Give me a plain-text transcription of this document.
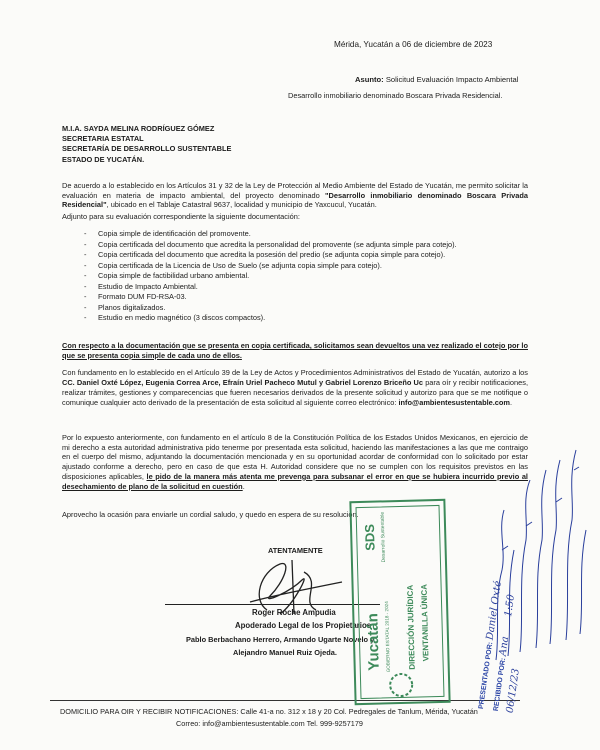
Mérida, Yucatán a 06 de diciembre de 2023
Asunto: Solicitud Evaluación Impacto Ambiental
Desarrollo inmobiliario denominado Boscara Privada Residencial.
M.I.A. SAYDA MELINA RODRÍGUEZ GÓMEZ
SECRETARIA ESTATAL
SECRETARÍA DE DESARROLLO SUSTENTABLE
ESTADO DE YUCATÁN.
De acuerdo a lo establecido en los Artículos 31 y 32 de la Ley de Protección al Medio Ambiente del Estado de Yucatán, me permito solicitar la evaluación en materia de impacto ambiental, del proyecto denominado "Desarrollo inmobiliario denominado Boscara Privada Residencial", ubicado en el Tablaje Catastral 9637, localidad y municipio de Yaxcucul, Yucatán.
Adjunto para su evaluación correspondiente la siguiente documentación:
- Copia simple de identificación del promovente.
- Copia certificada del documento que acredita la personalidad del promovente (se adjunta simple para cotejo).
- Copia certificada del documento que acredita la posesión del predio (se adjunta copia simple para cotejo).
- Copia certificada de la Licencia de Uso de Suelo (se adjunta copia simple para cotejo).
- Copia simple de factibilidad urbano ambiental.
- Estudio de Impacto Ambiental.
- Formato DUM FD-RSA-03.
- Planos digitalizados.
- Estudio en medio magnético (3 discos compactos).
Con respecto a la documentación que se presenta en copia certificada, solicitamos sean devueltos una vez realizado el cotejo por lo que se presenta copia simple de cada uno de ellos.
Con fundamento en lo establecido en el Artículo 39 de la Ley de Actos y Procedimientos Administrativos del Estado de Yucatán, autorizo a los CC. Daniel Oxté López, Eugenia Correa Arce, Efraín Uriel Pacheco Mutul y Gabriel Lorenzo Briceño Uc para oír y recibir notificaciones, realizar trámites, gestiones y comparecencias que fueren necesarios derivados de la presente solicitud y autorizo para que se me notifique o comunique cualquier acto derivado de la presentación de esta solicitud al siguiente correo electrónico: info@ambientesustentable.com.
Por lo expuesto anteriormente, con fundamento en el artículo 8 de la Constitución Política de los Estados Unidos Mexicanos, en ejercicio de mi derecho a esta autoridad administrativa pido tenerme por presentada esta solicitud, haciendo las manifestaciones a las que me contraigo en el cuerpo del mismo, adjuntando la documentación mencionada y en su oportunidad acordar de conformidad con lo solicitado por estar ajustado conforme a derecho, pero en caso de que esta H. Autoridad considere que no se cumplen con los requisitos previstos en las disposiciones aplicables, le pido de la manera más atenta me prevenga para subsanar el error en que se hubiera incurrido previo al desechamiento de plano de la solicitud en cuestión.
Aprovecho la ocasión para enviarle un cordial saludo, y quedo en espera de su resolución.
ATENTAMENTE
Roger Roche Ampudia
Apoderado Legal de los Propietarios
Pablo Berbachano Herrero, Armando Ugarte Novelo y
Alejandro Manuel Ruiz Ojeda.
DOMICILIO PARA OIR Y RECIBIR NOTIFICACIONES: Calle 41-a no. 312 x 18 y 20 Col. Pedregales de Tanlum, Mérida, Yucatán
Correo: info@ambientesustentable.com Tel. 999-9257179
SDS Desarrollo Sustentable
Yucatán GOBIERNO ESTATAL 2018 - 2024 DIRECCIÓN JURÍDICA VENTANILLA ÚNICA
PRESENTADO POR: Daniel Oxté
RECIBIDO POR: Ana 1:50
06/12/23
